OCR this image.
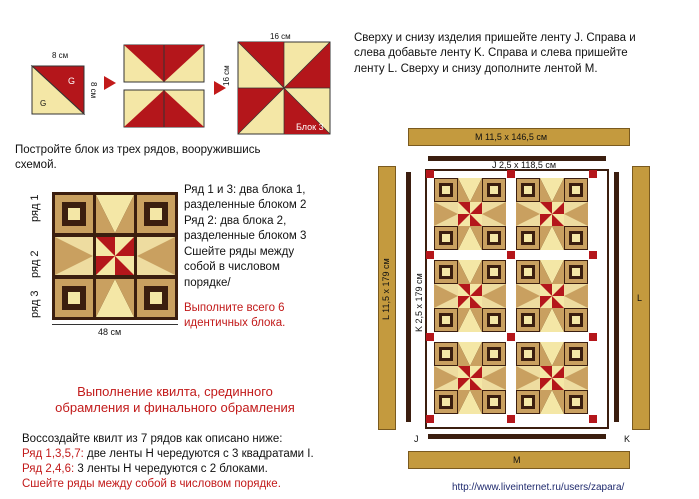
G
G
8 см
8 см
Блок 3
16 см
16 см
Постройте блок из трех рядов, вооружившись
схемой.
ряд 1
ряд 2
ряд 3
48 см
Ряд 1 и 3: два блока 1,
разделенные блоком 2
Ряд 2: два блока 2,
разделенные блоком 3
Сшейте ряды между
собой в числовом
порядке/
Выполните всего 6
идентичных блока.
Выполнение квилта, срединного
обрамления и финального обрамления
Воссоздайте квилт из 7 рядов как описано ниже:
Ряд 1,3,5,7: две ленты H чередуются с 3 квадратами I.
Ряд 2,4,6: 3 ленты H чередуются с 2 блоками.
Сшейте ряды между собой в числовом порядке.
Сверху и снизу изделия пришейте ленту J. Справа и
слева добавьте ленту K. Справа и слева пришейте
ленту L. Сверху и снизу дополните лентой M.
M 11,5 x 146,5 см
M
L 11,5 x 179 см	L
J 2,5 x 118,5 см
K 2,5 x 179 см
J	K
http://www.liveinternet.ru/users/zapara/
